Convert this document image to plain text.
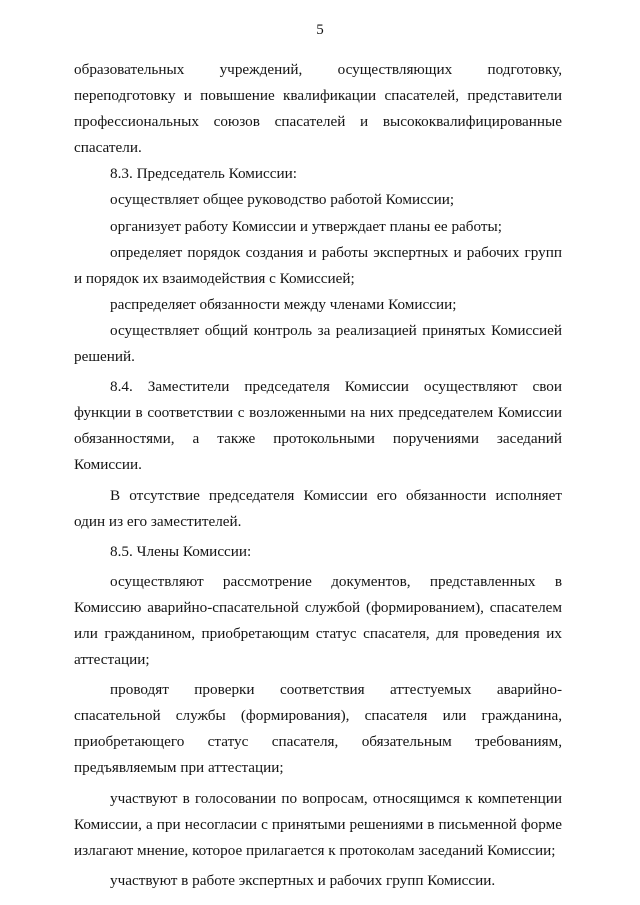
5

образовательных учреждений, осуществляющих подготовку, переподготовку и повышение квалификации спасателей, представители профессиональных союзов спасателей и высококвалифицированные спасатели.

8.3. Председатель Комиссии:

осуществляет общее руководство работой Комиссии;

организует работу Комиссии и утверждает планы ее работы;

определяет порядок создания и работы экспертных и рабочих групп и порядок их взаимодействия с Комиссией;

распределяет обязанности между членами Комиссии;

осуществляет общий контроль за реализацией принятых Комиссией решений.

8.4. Заместители председателя Комиссии осуществляют свои функции в соответствии с возложенными на них председателем Комиссии обязанностями, а также протокольными поручениями заседаний Комиссии.

В отсутствие председателя Комиссии его обязанности исполняет один из его заместителей.

8.5. Члены Комиссии:

осуществляют рассмотрение документов, представленных в Комиссию аварийно-спасательной службой (формированием), спасателем или гражданином, приобретающим статус спасателя, для проведения их аттестации;

проводят проверки соответствия аттестуемых аварийно-спасательной службы (формирования), спасателя или гражданина, приобретающего статус спасателя, обязательным требованиям, предъявляемым при аттестации;

участвуют в голосовании по вопросам, относящимся к компетенции Комиссии, а при несогласии с принятыми решениями в письменной форме излагают мнение, которое прилагается к протоколам заседаний Комиссии;

участвуют в работе экспертных и рабочих групп Комиссии.
